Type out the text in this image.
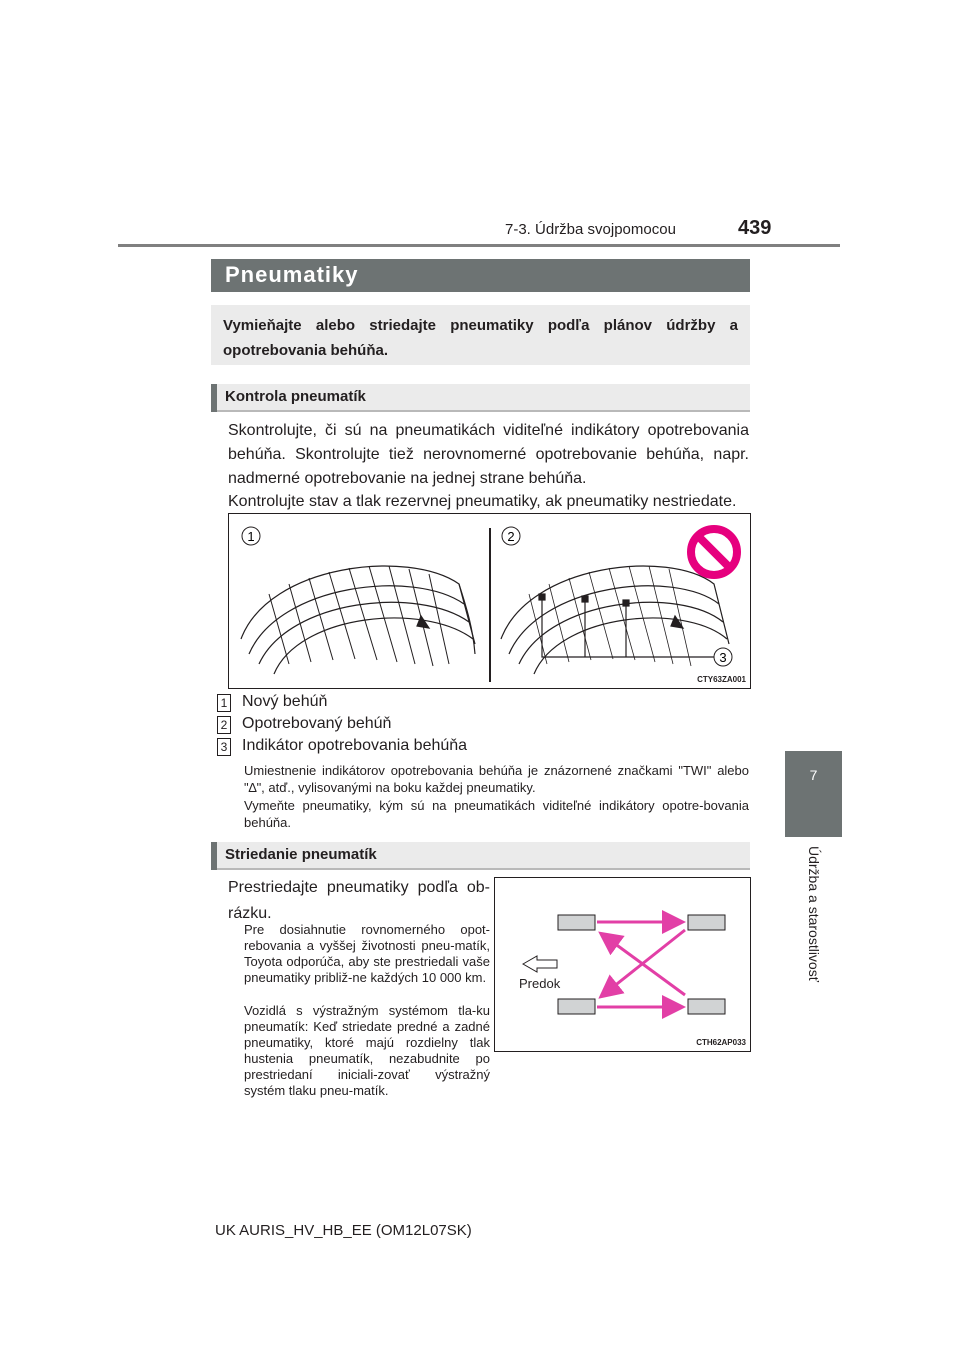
7-3. Údržba svojpomocou	439
7
Údržba a starostlivosť
Pneumatiky
Vymieňajte alebo striedajte pneumatiky podľa plánov údržby a opotrebovania behúňa.
Kontrola pneumatík
Skontrolujte, či sú na pneumatikách viditeľné indikátory opotrebovania behúňa. Skontrolujte tiež nerovnomerné opotrebovanie behúňa, napr. nadmerné opotrebovanie na jednej strane behúňa.
Kontrolujte stav a tlak rezervnej pneumatiky, ak pneumatiky nestriedate.
1	2
3
CTY63ZA001
1 Nový behúň
2 Opotrebovaný behúň
3 Indikátor opotrebovania behúňa
Umiestnenie indikátorov opotrebovania behúňa je znázornené značkami "TWI" alebo "∆", atď., vylisovanými na boku každej pneumatiky.
Vymeňte pneumatiky, kým sú na pneumatikách viditeľné indikátory opotre-bovania behúňa.
Striedanie pneumatík
Prestriedajte pneumatiky podľa ob-rázku.
Pre dosiahnutie rovnomerného opot-rebovania a vyššej životnosti pneu-matík, Toyota odporúča, aby ste prestriedali vaše pneumatiky približ-ne každých 10 000 km.
Vozidlá s výstražným systémom tla-ku pneumatík: Keď striedate predné a zadné pneumatiky, ktoré majú rozdielny tlak hustenia pneumatík, nezabudnite po prestriedaní iniciali-zovať výstražný systém tlaku pneu-matík.
Predok
CTH62AP033
UK AURIS_HV_HB_EE (OM12L07SK)
